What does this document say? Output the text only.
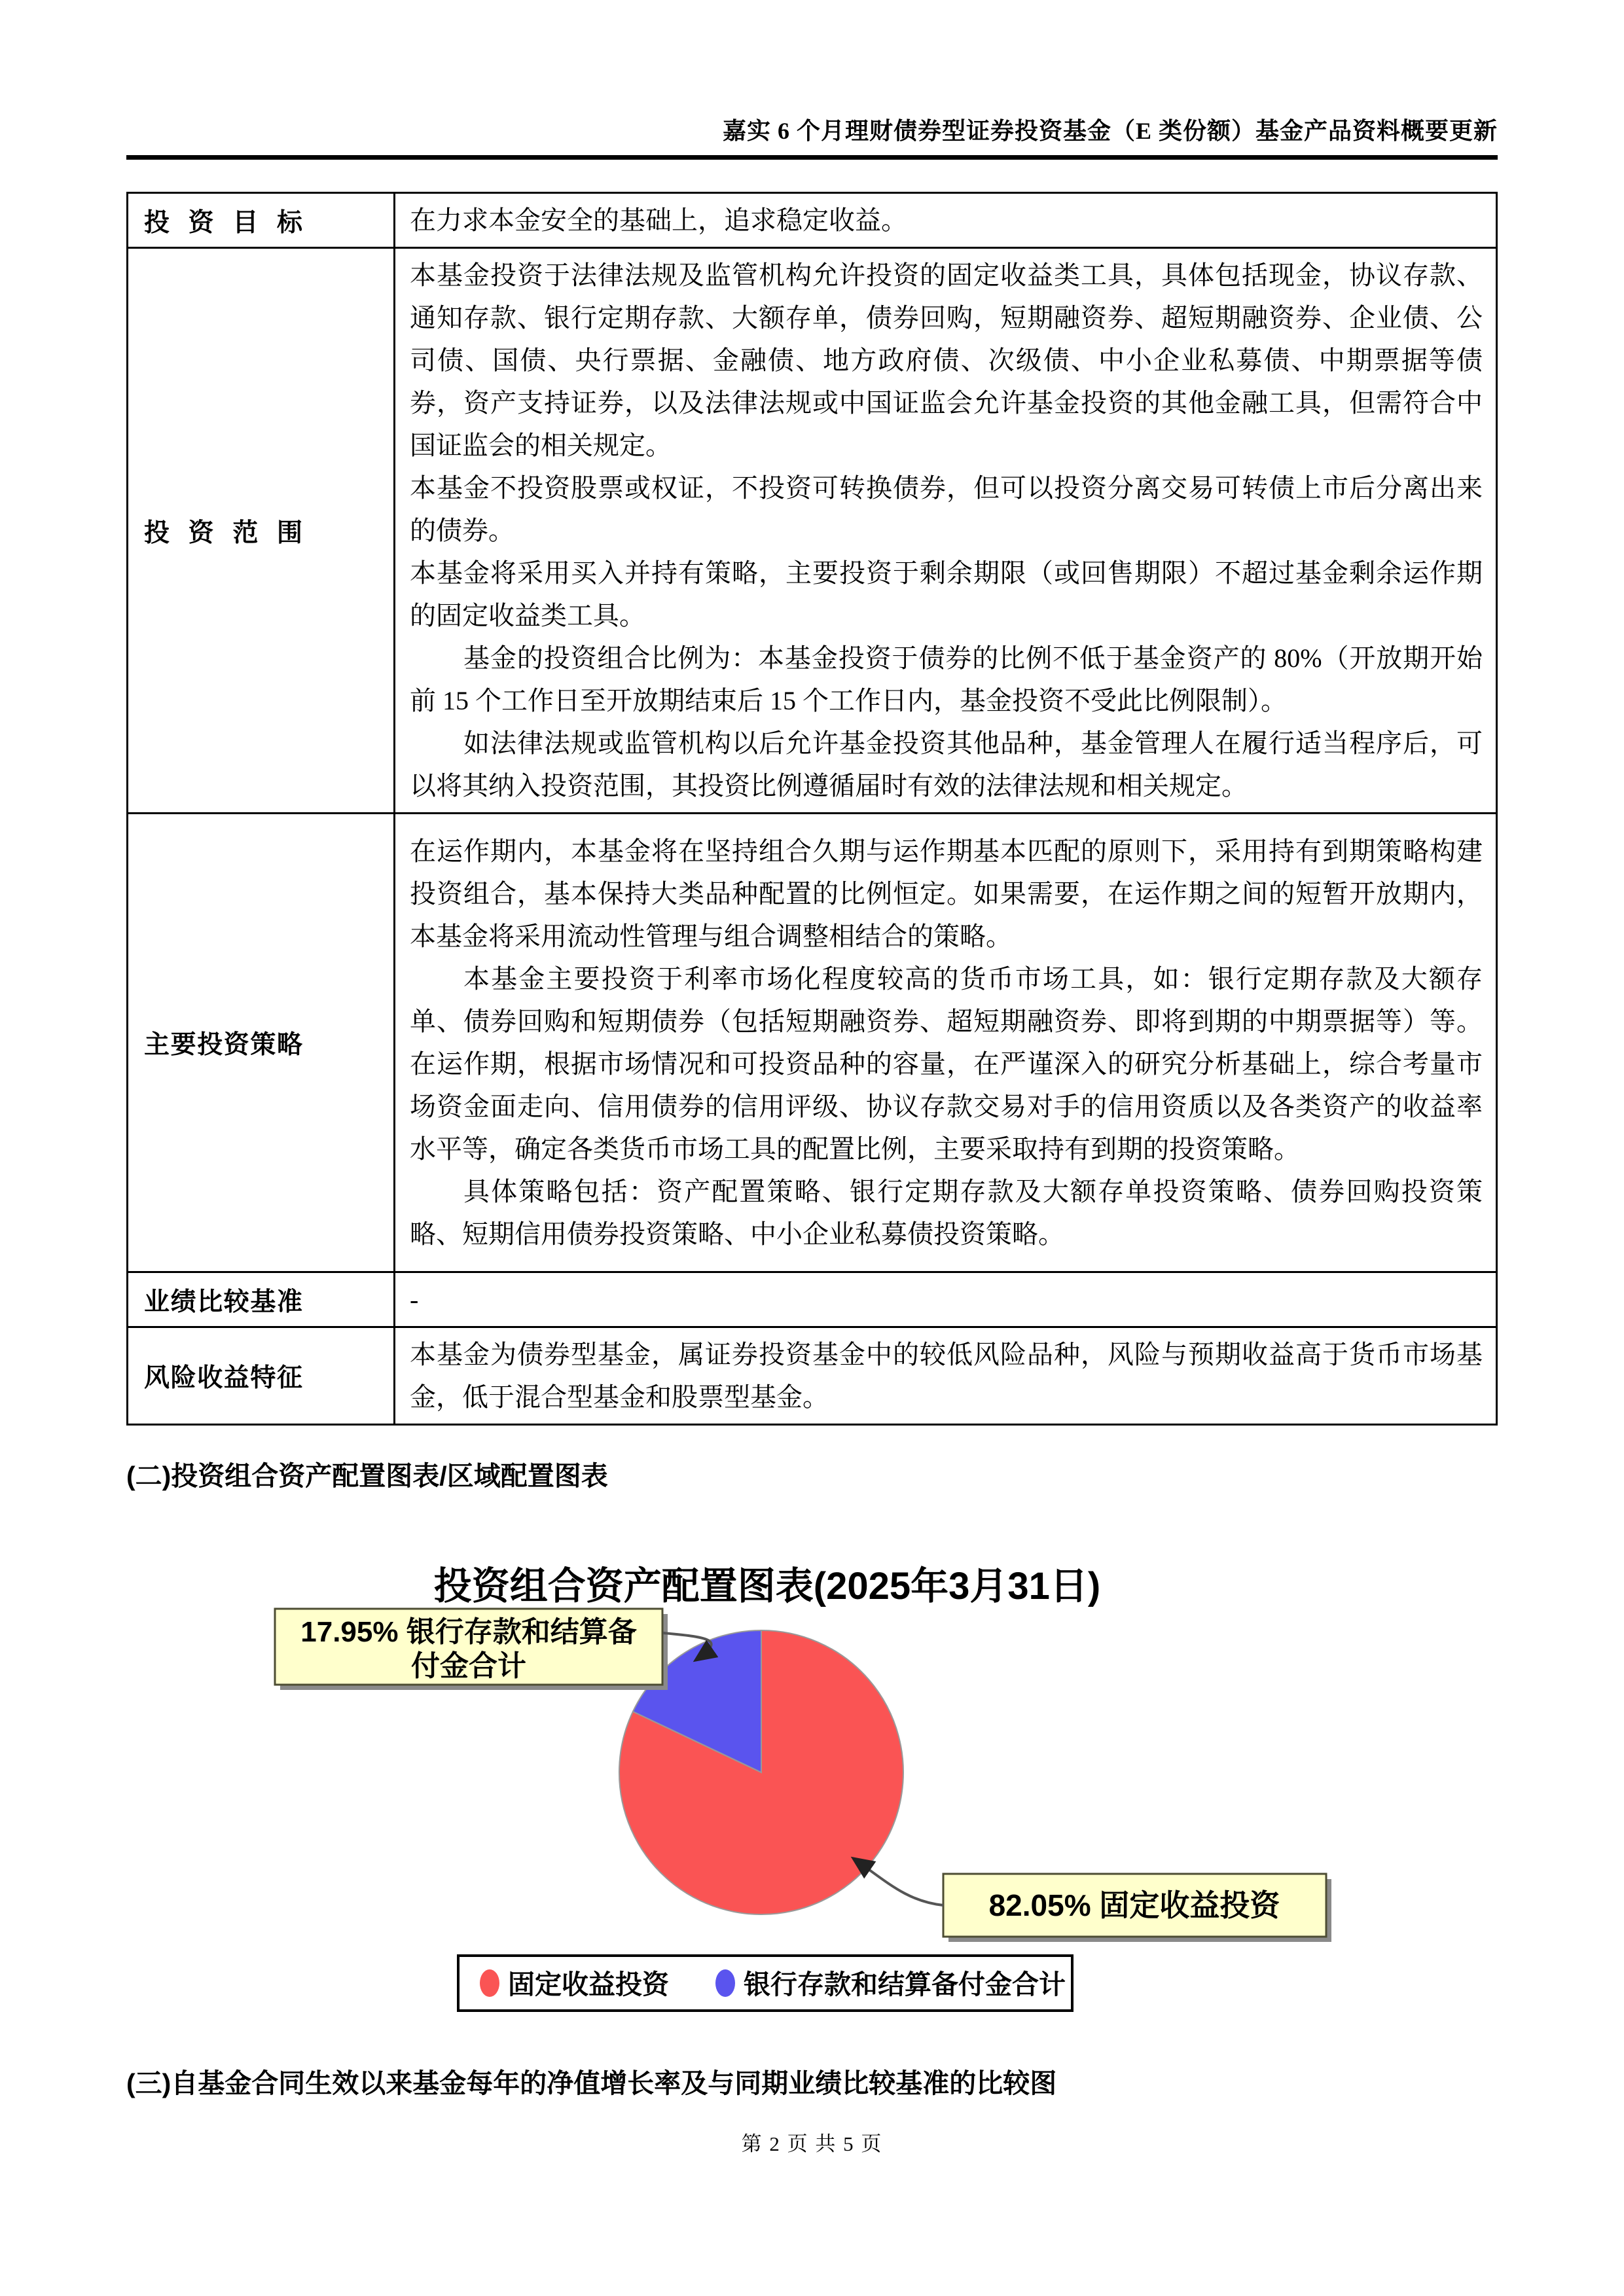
嘉实 6 个月理财债券型证券投资基金（E 类份额）基金产品资料概要更新
投资目标	在力求本金安全的基础上，追求稳定收益。

投资范围	本基金投资于法律法规及监管机构允许投资的固定收益类工具，具体包括现金，协议存款、通知存款、银行定期存款、大额存单，债券回购，短期融资券、超短期融资券、企业债、公司债、国债、央行票据、金融债、地方政府债、次级债、中小企业私募债、中期票据等债券，资产支持证券，以及法律法规或中国证监会允许基金投资的其他金融工具，但需符合中国证监会的相关规定。

本基金不投资股票或权证，不投资可转换债券，但可以投资分离交易可转债上市后分离出来的债券。

本基金将采用买入并持有策略，主要投资于剩余期限（或回售期限）不超过基金剩余运作期的固定收益类工具。

基金的投资组合比例为：本基金投资于债券的比例不低于基金资产的 80%（开放期开始前 15 个工作日至开放期结束后 15 个工作日内，基金投资不受此比例限制）。

如法律法规或监管机构以后允许基金投资其他品种，基金管理人在履行适当程序后，可以将其纳入投资范围，其投资比例遵循届时有效的法律法规和相关规定。

主要投资策略	在运作期内，本基金将在坚持组合久期与运作期基本匹配的原则下，采用持有到期策略构建投资组合，基本保持大类品种配置的比例恒定。如果需要，在运作期之间的短暂开放期内，本基金将采用流动性管理与组合调整相结合的策略。

本基金主要投资于利率市场化程度较高的货币市场工具，如：银行定期存款及大额存单、债券回购和短期债券（包括短期融资券、超短期融资券、即将到期的中期票据等）等。在运作期，根据市场情况和可投资品种的容量，在严谨深入的研究分析基础上，综合考量市场资金面走向、信用债券的信用评级、协议存款交易对手的信用资质以及各类资产的收益率水平等，确定各类货币市场工具的配置比例，主要采取持有到期的投资策略。

具体策略包括：资产配置策略、银行定期存款及大额存单投资策略、债券回购投资策略、短期信用债券投资策略、中小企业私募债投资策略。

业绩比较基准	-

风险收益特征	本基金为债券型基金，属证券投资基金中的较低风险品种，风险与预期收益高于货币市场基金，低于混合型基金和股票型基金。

(二)投资组合资产配置图表/区域配置图表
投资组合资产配置图表(2025年3月31日)
17.95% 银行存款和结算备
付金合计
82.05% 固定收益投资
固定收益投资	银行存款和结算备付金合计
(三)自基金合同生效以来基金每年的净值增长率及与同期业绩比较基准的比较图
第 2 页 共 5 页
